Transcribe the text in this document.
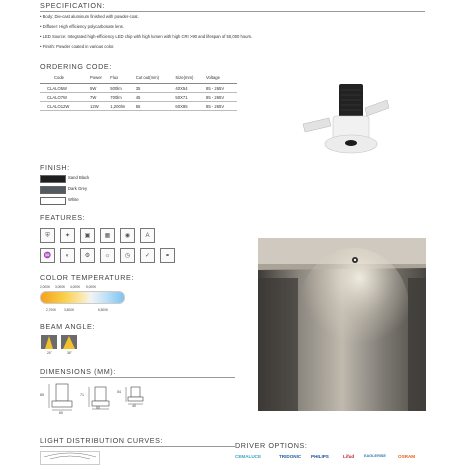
SPECIFICATION:
• Body: Die-cast aluminum finished with powder-coat.
• Diffuser: High efficiency polycarbonate lens.
• LED Source: Integrated high-efficiency LED chip with high lumen with high CRI >90 and lifespan of 50,000 hours.
• Finish: Powder coated in various color.
ORDERING CODE:
Code	Power	Flux	Cut out(mm)	Size(mm)	Voltage
CLALO5W	5W	500lm	35	40X54	85 - 265V
CLALO7W	7W	700lm	45	50X71	85 - 265V
CLALO12W	12W	1,200lm	55	60X85	85 - 265V
FINISH:
Sand Black
Dark Grey
White
FEATURES:
⛨	✦ ▣ ▦ ◉	A
♒ ◐	⚙ ☼ ◷ ✓ ⚭
COLOR TEMPERATURE:
2,000K 3,000K 4,000K 5,000K
2,700K 3,500K	6,500K
BEAM ANGLE:
24°	36°
DIMENSIONS (MM):
85
60
71
50
54
40
LIGHT DISTRIBUTION CURVES:
DRIVER OPTIONS:
CEMALUCE	TRIDONIC PHILIPS	Lifud	EAGLERISE	OSRAM
